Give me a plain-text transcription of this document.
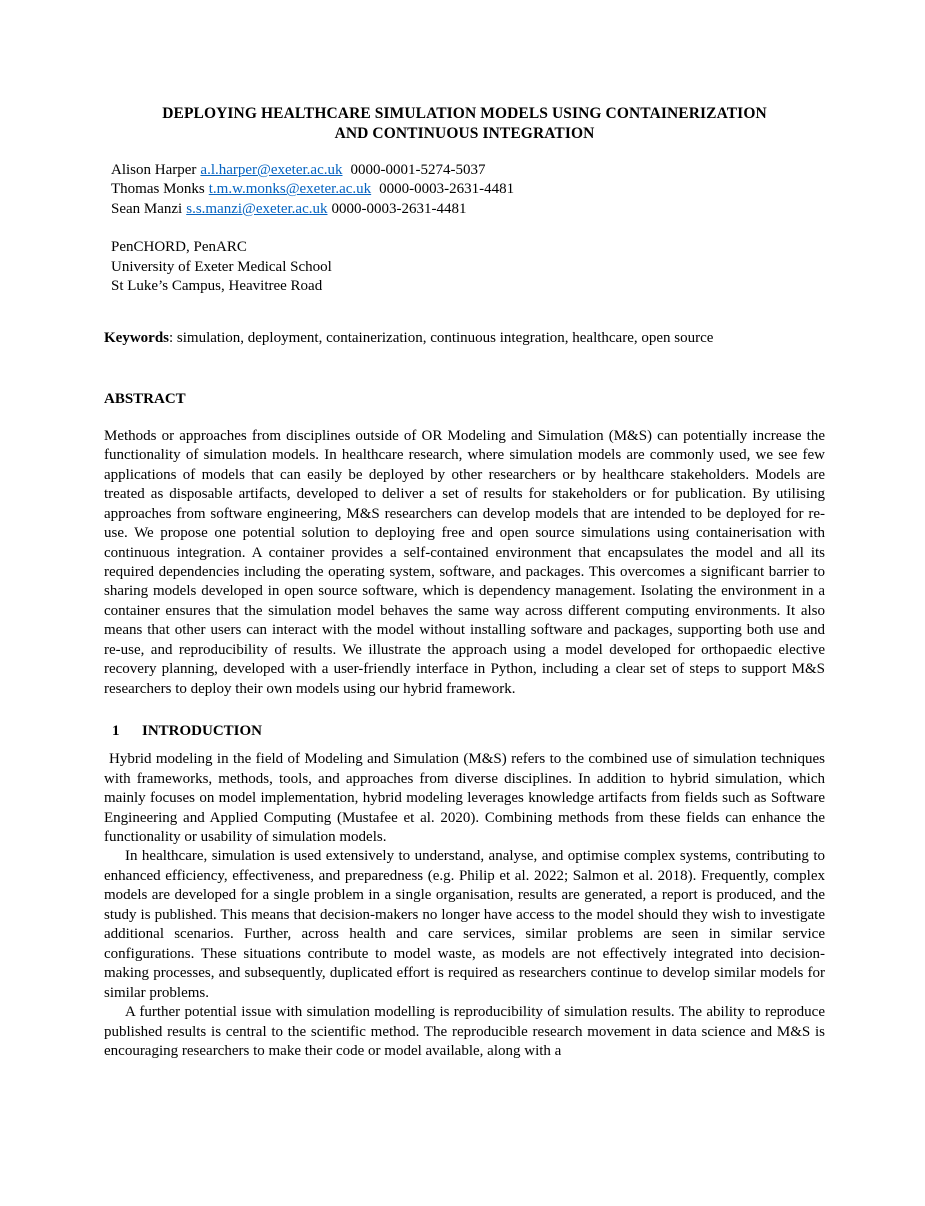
DEPLOYING HEALTHCARE SIMULATION MODELS USING CONTAINERIZATION
AND CONTINUOUS INTEGRATION
Alison Harper a.l.harper@exeter.ac.uk 0000-0001-5274-5037
Thomas Monks t.m.w.monks@exeter.ac.uk 0000-0003-2631-4481
Sean Manzi s.s.manzi@exeter.ac.uk 0000-0003-2631-4481
PenCHORD, PenARC
University of Exeter Medical School
St Luke’s Campus, Heavitree Road
Keywords: simulation, deployment, containerization, continuous integration, healthcare, open source
ABSTRACT

Methods or approaches from disciplines outside of OR Modeling and Simulation (M&S) can potentially increase the functionality of simulation models. In healthcare research, where simulation models are commonly used, we see few applications of models that can easily be deployed by other researchers or by healthcare stakeholders. Models are treated as disposable artifacts, developed to deliver a set of results for stakeholders or for publication. By utilising approaches from software engineering, M&S researchers can develop models that are intended to be deployed for re-use. We propose one potential solution to deploying free and open source simulations using containerisation with continuous integration. A container provides a self-contained environment that encapsulates the model and all its required dependencies including the operating system, software, and packages. This overcomes a significant barrier to sharing models developed in open source software, which is dependency management. Isolating the environment in a container ensures that the simulation model behaves the same way across different computing environments. It also means that other users can interact with the model without installing software and packages, supporting both use and re-use, and reproducibility of results. We illustrate the approach using a model developed for orthopaedic elective recovery planning, developed with a user-friendly interface in Python, including a clear set of steps to support M&S researchers to deploy their own models using our hybrid framework.

1 INTRODUCTION

Hybrid modeling in the field of Modeling and Simulation (M&S) refers to the combined use of simulation techniques with frameworks, methods, tools, and approaches from diverse disciplines. In addition to hybrid simulation, which mainly focuses on model implementation, hybrid modeling leverages knowledge artifacts from fields such as Software Engineering and Applied Computing (Mustafee et al. 2020). Combining methods from these fields can enhance the functionality or usability of simulation models.

In healthcare, simulation is used extensively to understand, analyse, and optimise complex systems, contributing to enhanced efficiency, effectiveness, and preparedness (e.g. Philip et al. 2022; Salmon et al. 2018). Frequently, complex models are developed for a single problem in a single organisation, results are generated, a report is produced, and the study is published. This means that decision-makers no longer have access to the model should they wish to investigate additional scenarios. Further, across health and care services, similar problems are seen in similar service configurations. These situations contribute to model waste, as models are not effectively integrated into decision-making processes, and subsequently, duplicated effort is required as researchers continue to develop similar models for similar problems.

A further potential issue with simulation modelling is reproducibility of simulation results. The ability to reproduce published results is central to the scientific method. The reproducible research movement in data science and M&S is encouraging researchers to make their code or model available, along with a
